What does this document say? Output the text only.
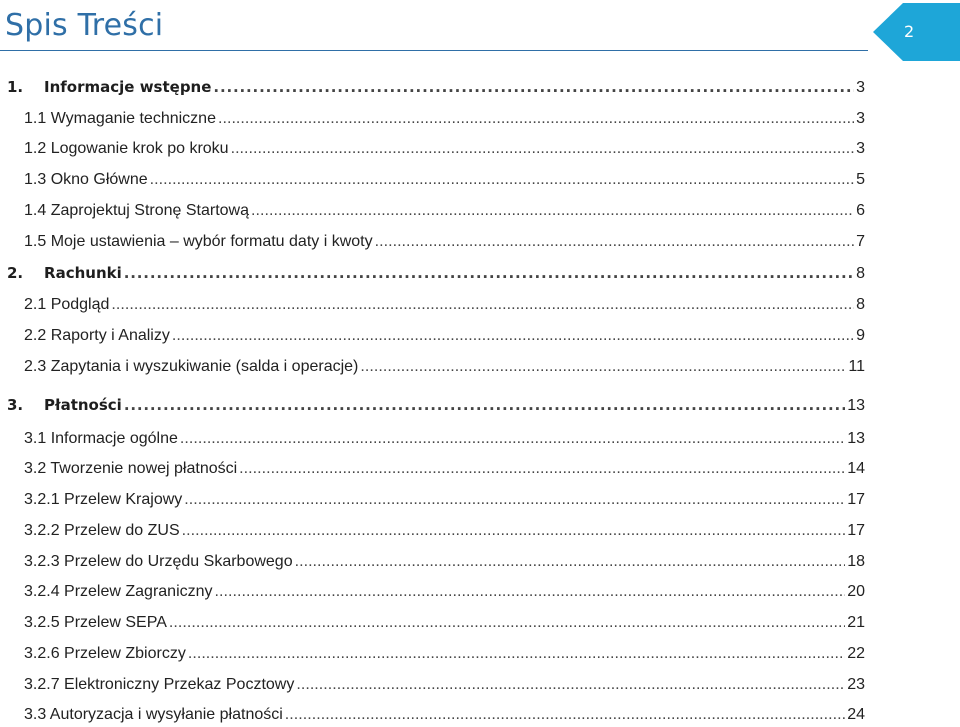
Spis Treści	2
1.    Informacje wstępne . . .	3
1.1 Wymaganie techniczne . . .	3
1.2 Logowanie krok po kroku . . .	3
1.3 Okno Główne . . .	5
1.4 Zaprojektuj Stronę Startową . . .	6
1.5 Moje ustawienia – wybór formatu daty i kwoty . . .	7
2.    Rachunki . . .	8
2.1 Podgląd . . .	8
2.2 Raporty i Analizy . . .	9
2.3 Zapytania i wyszukiwanie (salda i operacje) . . .	11
3.    Płatności . . .	13
3.1 Informacje ogólne . . .	13
3.2 Tworzenie nowej płatności . . .	14
3.2.1 Przelew Krajowy . . .	17
3.2.2 Przelew do ZUS . . .	17
3.2.3 Przelew do Urzędu Skarbowego . . .	18
3.2.4 Przelew Zagraniczny . . .	20
3.2.5 Przelew SEPA . . .	21
3.2.6 Przelew Zbiorczy . . .	22
3.2.7 Elektroniczny Przekaz Pocztowy . . .	23
3.3 Autoryzacja i wysyłanie płatności . . .	24
